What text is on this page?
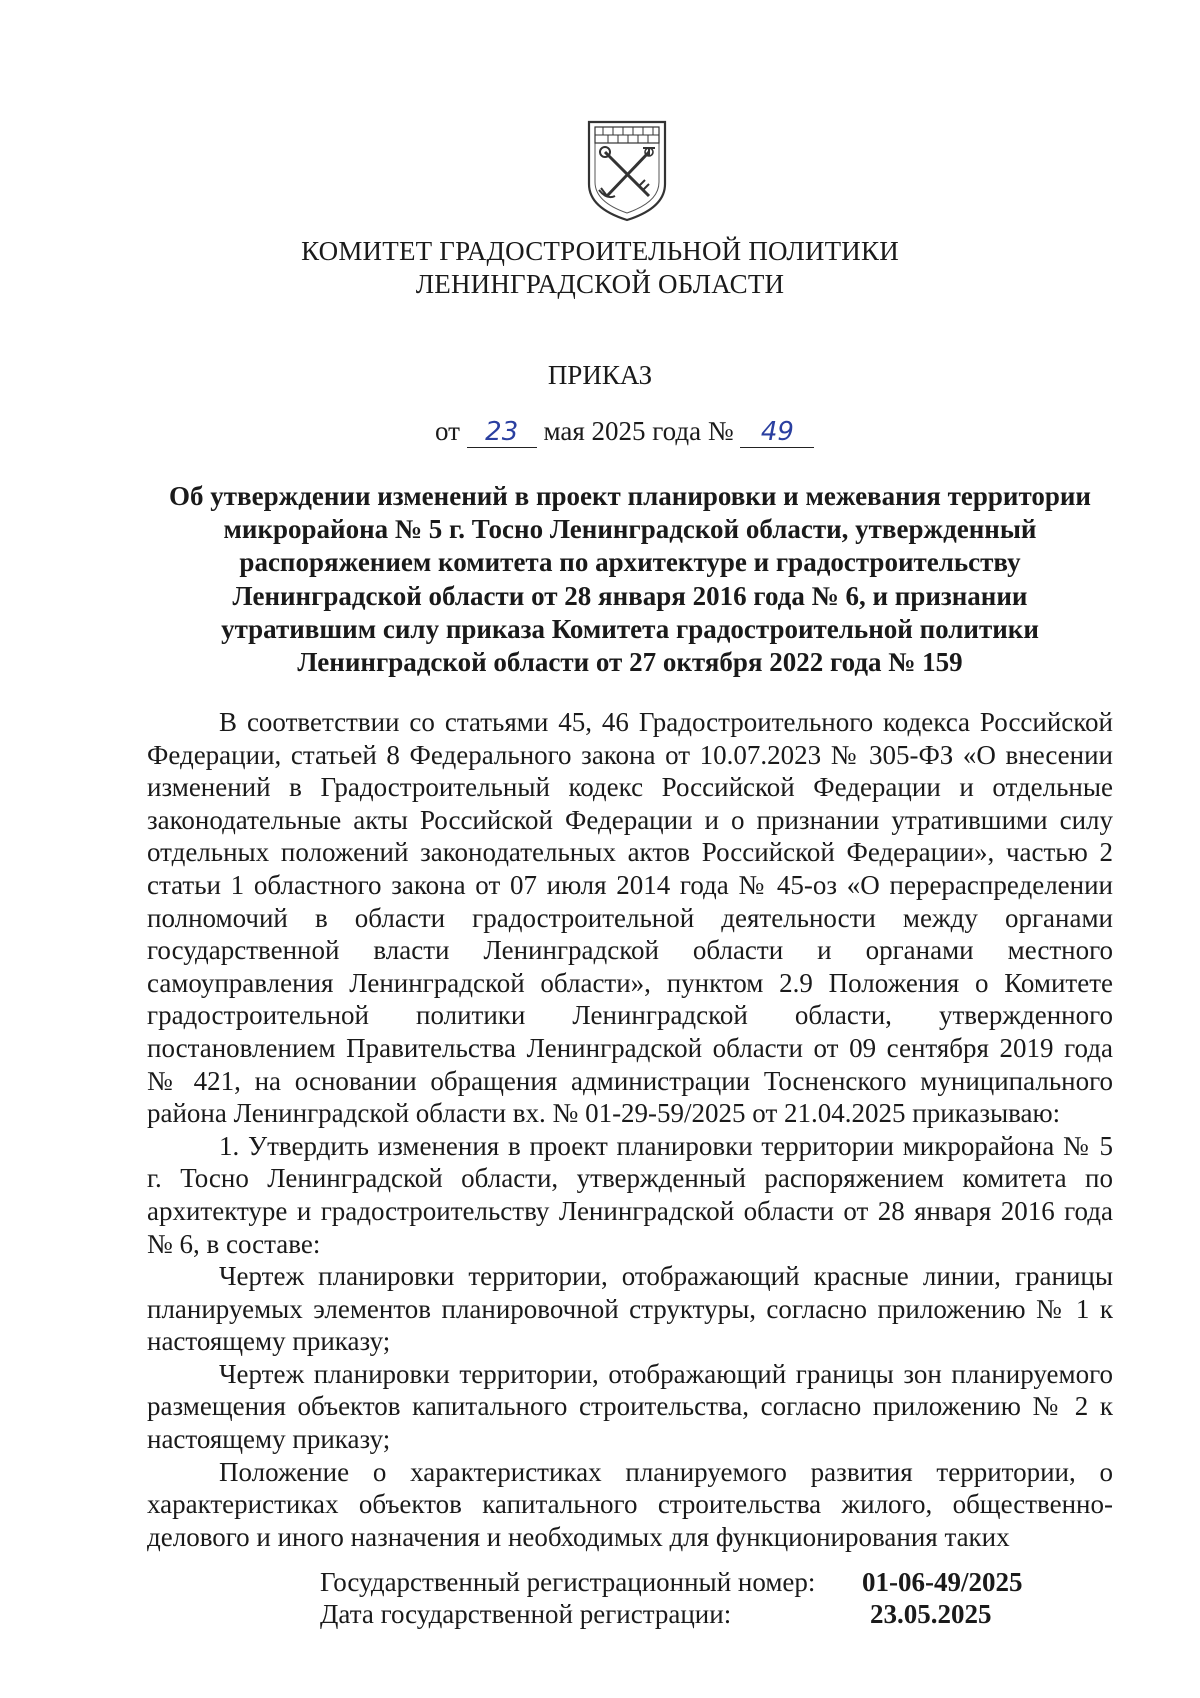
КОМИТЕТ ГРАДОСТРОИТЕЛЬНОЙ ПОЛИТИКИ
ЛЕНИНГРАДСКОЙ ОБЛАСТИ
ПРИКАЗ
от 23 мая 2025 года № 49
Об утверждении изменений в проект планировки и межевания территории
микрорайона № 5 г. Тосно Ленинградской области, утвержденный
распоряжением комитета по архитектуре и градостроительству
Ленинградской области от 28 января 2016 года № 6, и признании
утратившим силу приказа Комитета градостроительной политики
Ленинградской области от 27 октября 2022 года № 159

В соответствии со статьями 45, 46 Градостроительного кодекса Российской Федерации, статьей 8 Федерального закона от 10.07.2023 № 305-ФЗ «О внесении изменений в Градостроительный кодекс Российской Федерации и отдельные законодательные акты Российской Федерации и о признании утратившими силу отдельных положений законодательных актов Российской Федерации», частью 2 статьи 1 областного закона от 07 июля 2014 года № 45-оз «О перераспределении полномочий в области градостроительной деятельности между органами государственной власти Ленинградской области и органами местного самоуправления Ленинградской области», пунктом 2.9 Положения о Комитете градостроительной политики Ленинградской области, утвержденного постановлением Правительства Ленинградской области от 09 сентября 2019 года № 421, на основании обращения администрации Тосненского муниципального района Ленинградской области вх. № 01-29-59/2025 от 21.04.2025 приказываю:

1. Утвердить изменения в проект планировки территории микрорайона № 5 г. Тосно Ленинградской области, утвержденный распоряжением комитета по архитектуре и градостроительству Ленинградской области от 28 января 2016 года № 6, в составе:

Чертеж планировки территории, отображающий красные линии, границы планируемых элементов планировочной структуры, согласно приложению № 1 к настоящему приказу;

Чертеж планировки территории, отображающий границы зон планируемого размещения объектов капитального строительства, согласно приложению № 2 к настоящему приказу;

Положение о характеристиках планируемого развития территории, о характеристиках объектов капитального строительства жилого, общественно-делового и иного назначения и необходимых для функционирования таких

Государственный регистрационный номер:	01-06-49/2025
Дата государственной регистрации:	23.05.2025
